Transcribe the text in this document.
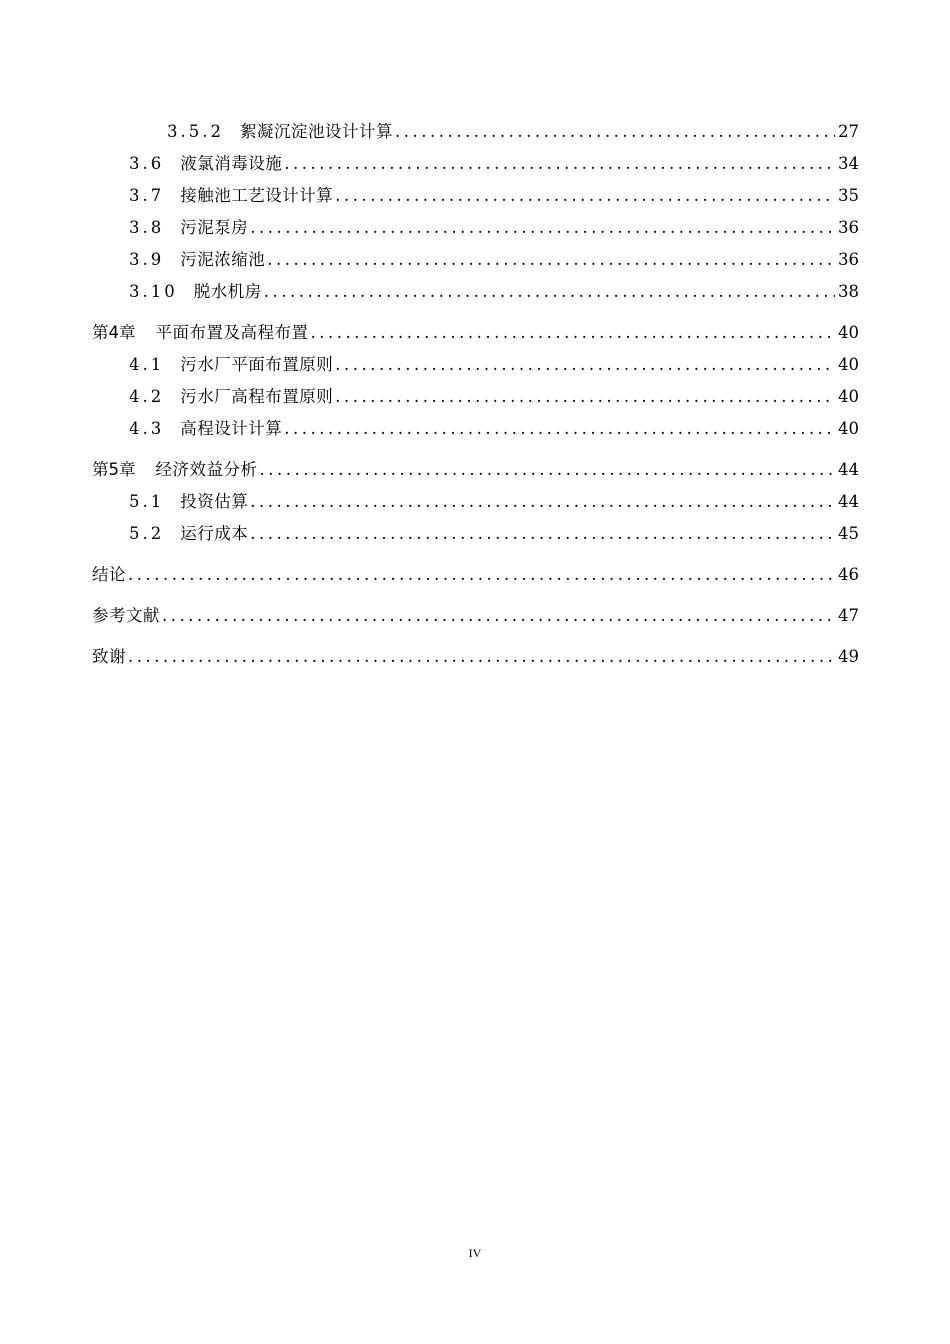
3.5.2 絮凝沉淀池设计计算 .....	27
3.6 液氯消毒设施 .....	34
3.7 接触池工艺设计计算 .....	35
3.8 污泥泵房 .....	36
3.9 污泥浓缩池 .....	36
3.10 脱水机房 .....	38
第4章 平面布置及高程布置 .....	40
4.1 污水厂平面布置原则 .....	40
4.2 污水厂高程布置原则 .....	40
4.3 高程设计计算 .....	40
第5章 经济效益分析 .....	44
5.1 投资估算 .....	44
5.2 运行成本 .....	45
结论 .....	46
参考文献 .....	47
致谢 .....	49
IV
